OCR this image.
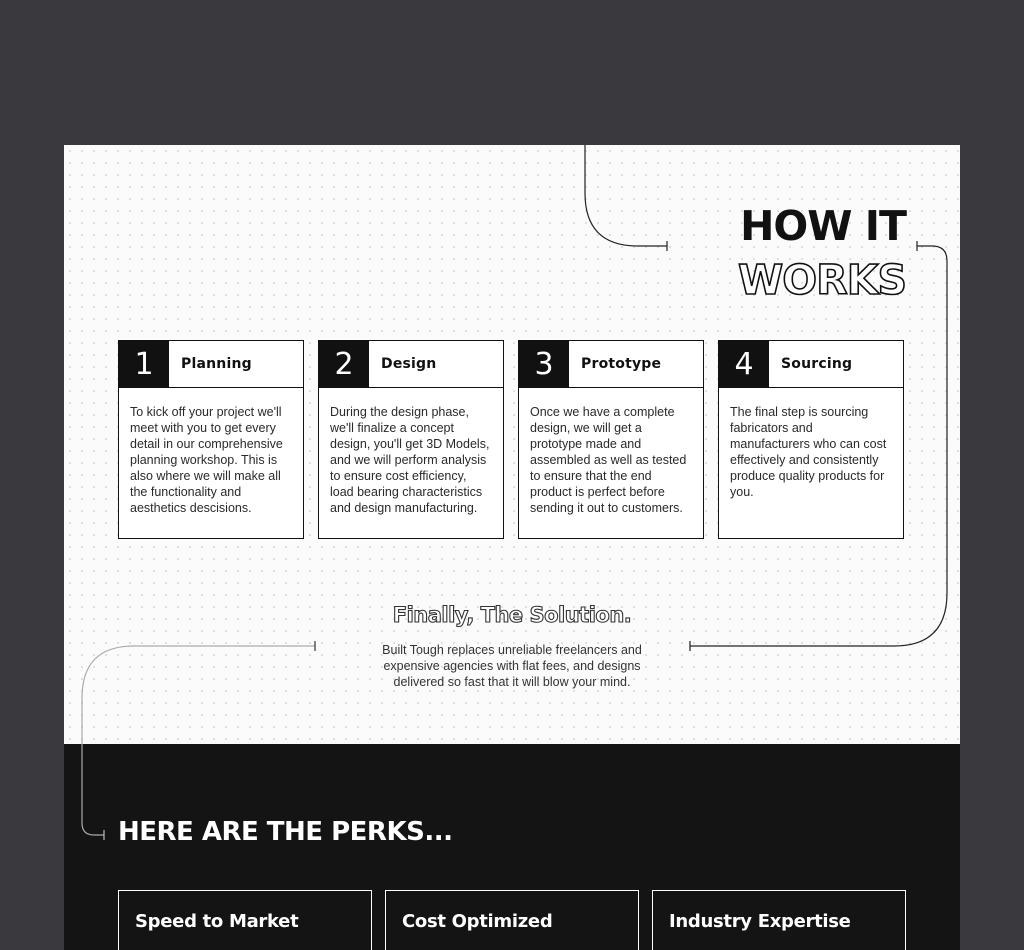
HOW IT
WORKS
1	Planning
To kick off your project we'll meet with you to get every detail in our comprehensive planning workshop. This is also where we will make all the functionality and aesthetics descisions.
2	Design
During the design phase, we'll finalize a concept design, you'll get 3D Models, and we will perform analysis to ensure cost efficiency, load bearing characteristics and design manufacturing.
3	Prototype
Once we have a complete design, we will get a prototype made and assembled as well as tested to ensure that the end product is perfect before sending it out to customers.
4	Sourcing
The final step is sourcing fabricators and manufacturers who can cost effectively and consistently produce quality products for you.
Finally, The Solution.
Built Tough replaces unreliable freelancers and expensive agencies with flat fees, and designs delivered so fast that it will blow your mind.
HERE ARE THE PERKS...
Speed to Market	Cost Optimized	Industry Expertise
